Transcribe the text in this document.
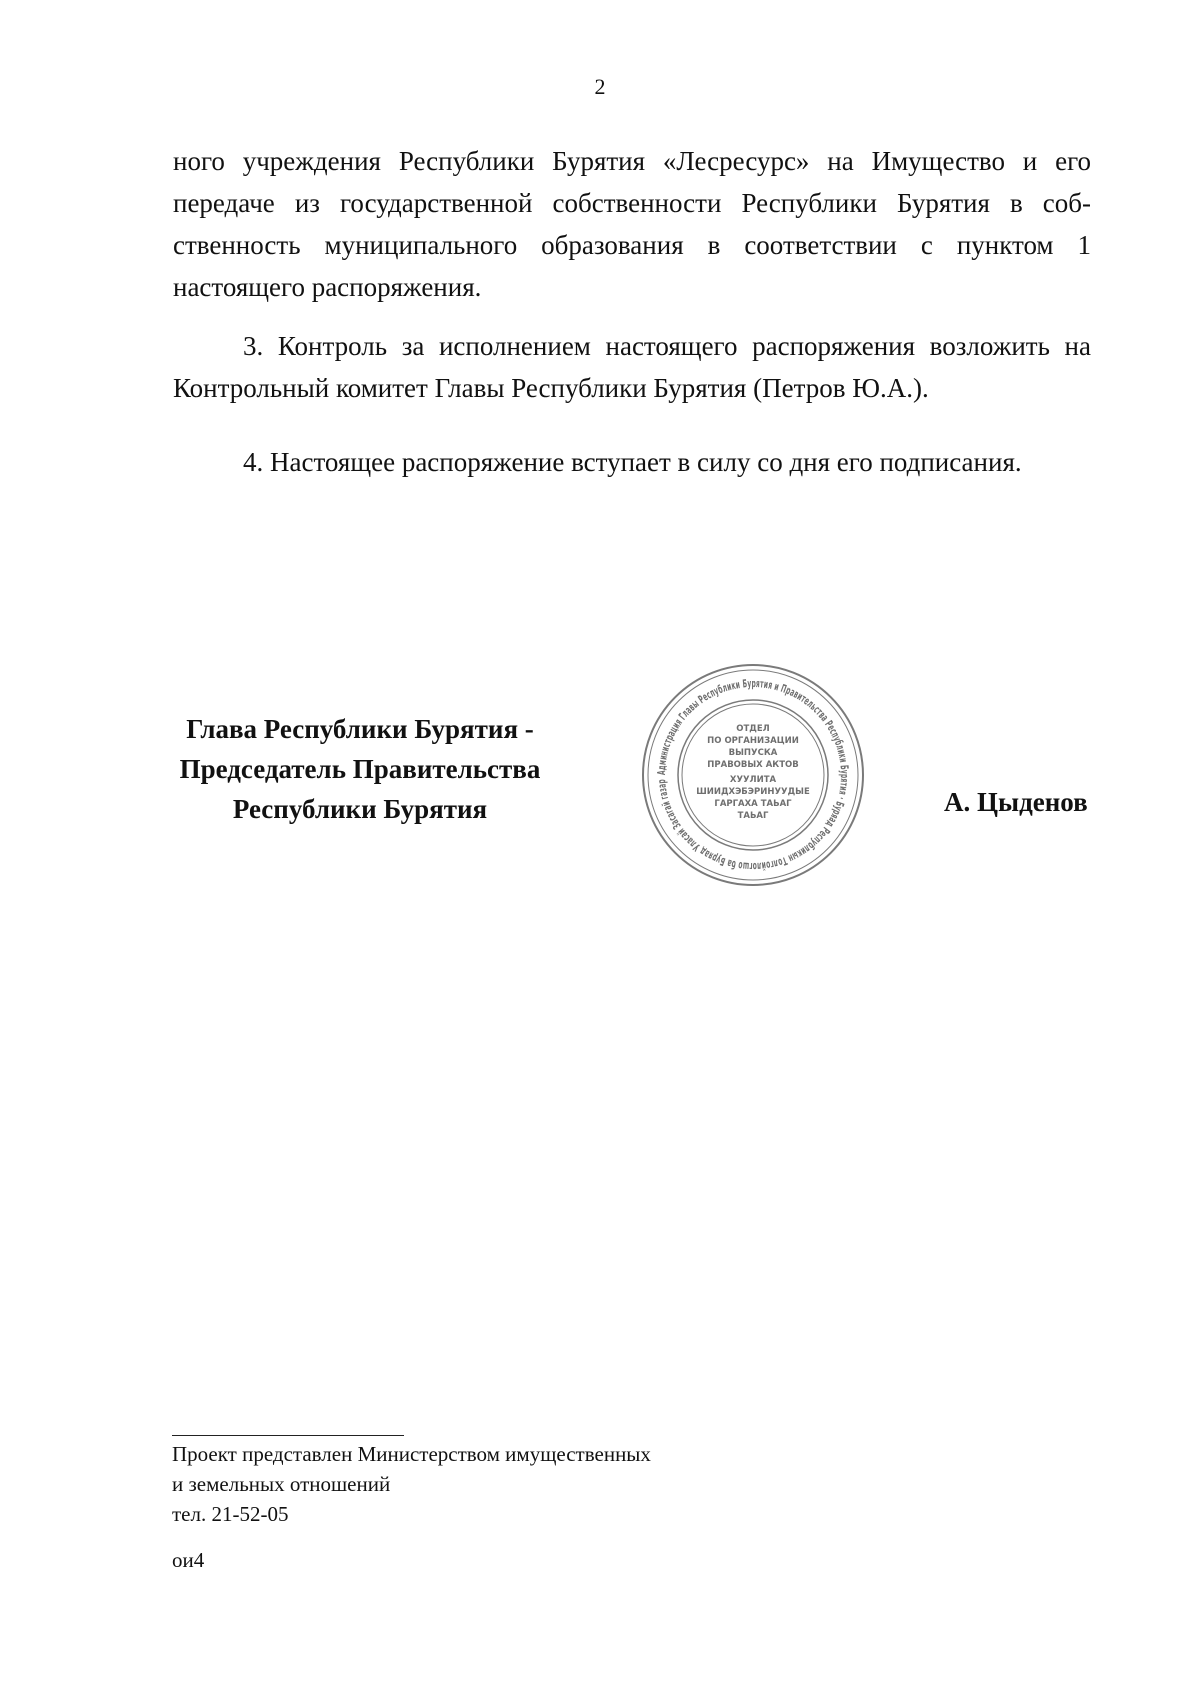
2

ного учреждения Республики Бурятия «Лесресурс» на Имущество и его передаче из государственной собственности Республики Бурятия в соб-ственность муниципального образования в соответствии с пунктом 1 настоящего распоряжения.

3. Контроль за исполнением настоящего распоряжения возложить на Контрольный комитет Главы Республики Бурятия (Петров Ю.А.).

4. Настоящее распоряжение вступает в силу со дня его подписания.

Глава Республики Бурятия -
Председатель Правительства
Республики Бурятия
Администрация Главы Республики Бурятия и Правительства Республики Бурятия · Буряад Республикын Толгойлогшо ба Буряад Уласай Засагай газар
ОТДЕЛ
ПО ОРГАНИЗАЦИИ
ВЫПУСКА
ПРАВОВЫХ АКТОВ
ХУУЛИТА
ШИИДХЭБЭРИНУУДЫЕ
ГАРГАХА ТАЬАГ
ТАЬАГ	А. Цыденов
Проект представлен Министерством имущественных
и земельных отношений
тел. 21-52-05
ои4
